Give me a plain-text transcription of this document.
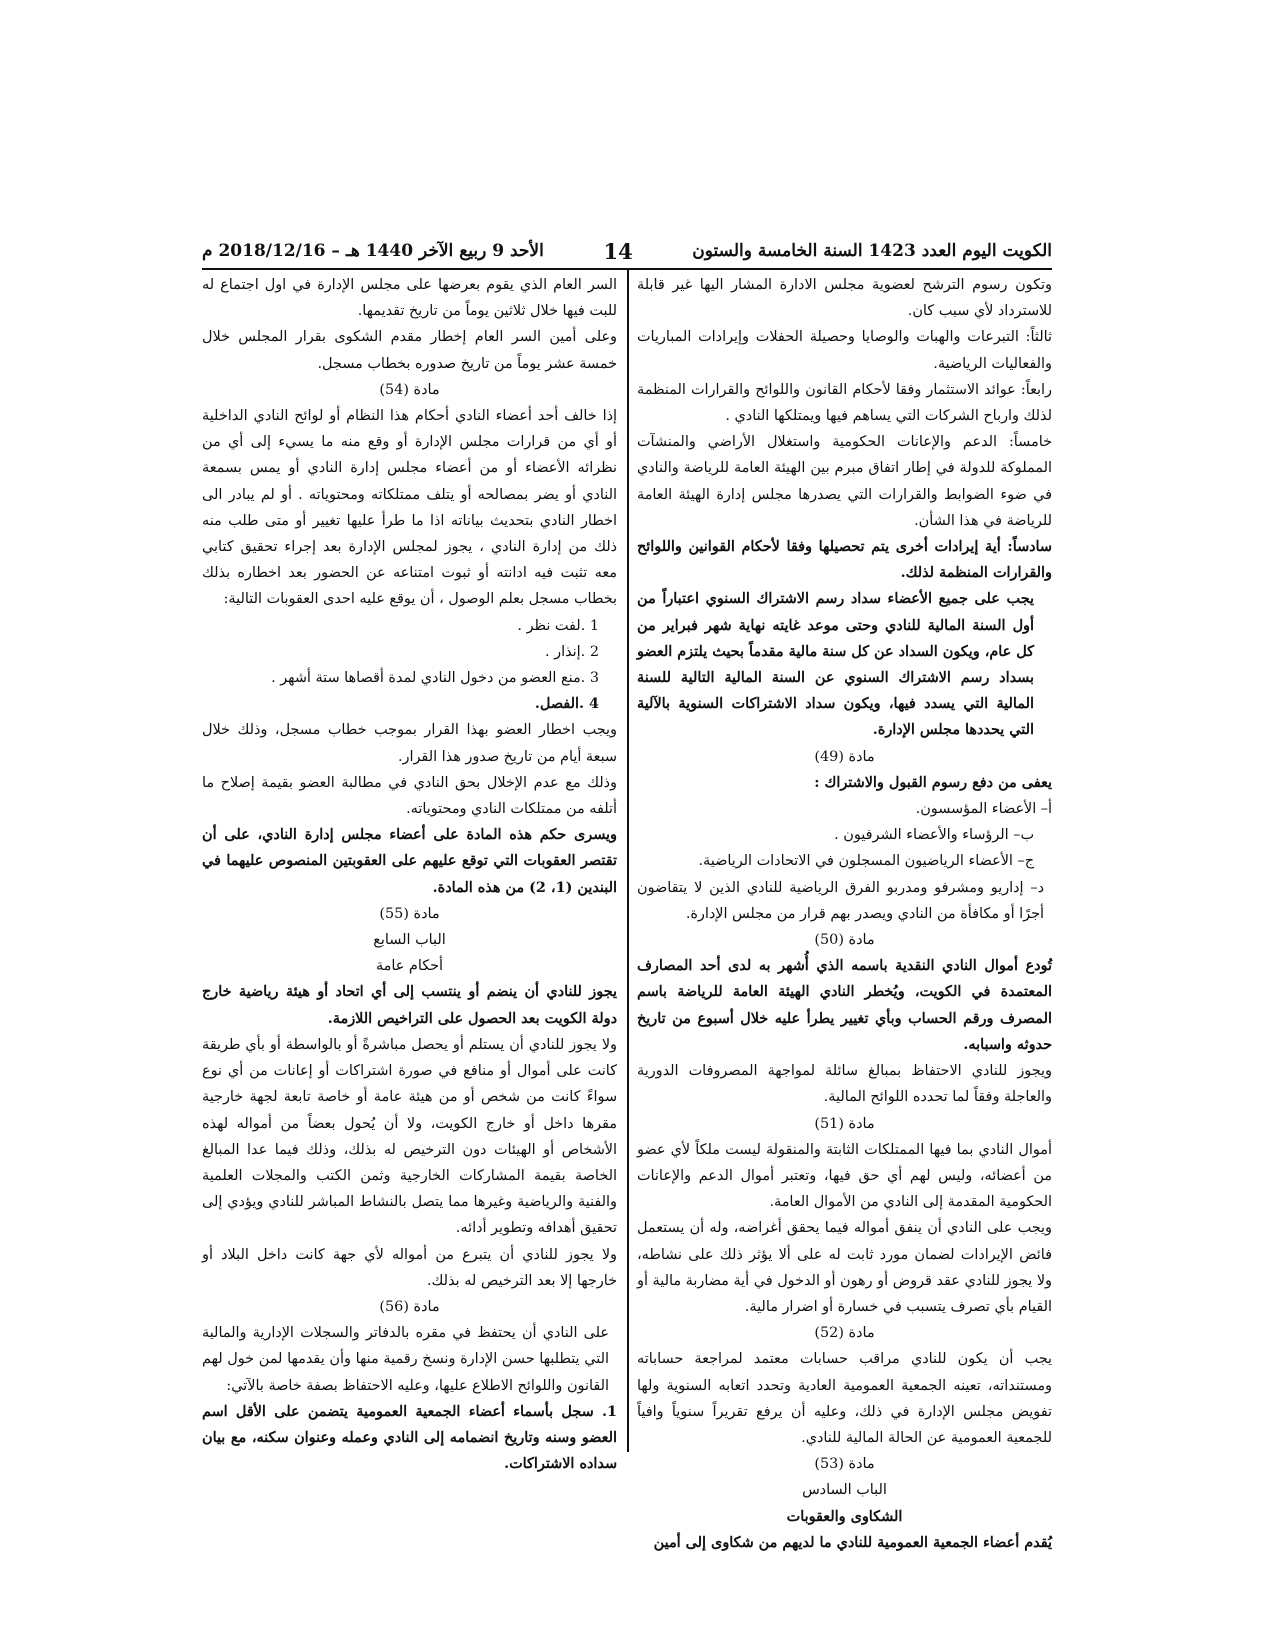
الكويت اليوم العدد 1423 السنة الخامسة والستون
14
الأحد 9 ربيع الآخر 1440 هـ – 2018/12/16 م

وتكون رسوم الترشح لعضوية مجلس الادارة المشار اليها غير قابلة للاسترداد لأي سبب كان.

ثالثاً: التبرعات والهبات والوصايا وحصيلة الحفلات وإيرادات المباريات والفعاليات الرياضية.

رابعاً: عوائد الاستثمار وفقا لأحكام القانون واللوائح والقرارات المنظمة لذلك وارباح الشركات التي يساهم فيها ويمتلكها النادي .

خامساً: الدعم والإعانات الحكومية واستغلال الأراضي والمنشآت المملوكة للدولة في إطار اتفاق مبرم بين الهيئة العامة للرياضة والنادي في ضوء الضوابط والقرارات التي يصدرها مجلس إدارة الهيئة العامة للرياضة في هذا الشأن.

سادساً: أية إيرادات أخرى يتم تحصيلها وفقا لأحكام القوانين واللوائح والقرارات المنظمة لذلك.

يجب على جميع الأعضاء سداد رسم الاشتراك السنوي اعتباراً من أول السنة المالية للنادي وحتى موعد غايته نهاية شهر فبراير من كل عام، ويكون السداد عن كل سنة مالية مقدماً بحيث يلتزم العضو بسداد رسم الاشتراك السنوي عن السنة المالية التالية للسنة المالية التي يسدد فيها، ويكون سداد الاشتراكات السنوية بالآلية التي يحددها مجلس الإدارة.

مادة (49)

يعفى من دفع رسوم القبول والاشتراك :

أ– الأعضاء المؤسسون.

ب– الرؤساء والأعضاء الشرفيون .

ج– الأعضاء الرياضيون المسجلون في الاتحادات الرياضية.

د– إداريو ومشرفو ومدربو الفرق الرياضية للنادي الذين لا يتقاضون أجرًا أو مكافأة من النادي ويصدر بهم قرار من مجلس الإدارة.

مادة (50)

تُودع أموال النادي النقدية باسمه الذي أُشهر به لدى أحد المصارف المعتمدة في الكويت، ويُخطر النادي الهيئة العامة للرياضة باسم المصرف ورقم الحساب وبأي تغيير يطرأ عليه خلال أسبوع من تاريخ حدوثه واسبابه.

ويجوز للنادي الاحتفاظ بمبالغ سائلة لمواجهة المصروفات الدورية والعاجلة وفقاً لما تحدده اللوائح المالية.

مادة (51)

أموال النادي بما فيها الممتلكات الثابتة والمنقولة ليست ملكاً لأي عضو من أعضائه، وليس لهم أي حق فيها، وتعتبر أموال الدعم والإعانات الحكومية المقدمة إلى النادي من الأموال العامة.

ويجب على النادي أن ينفق أمواله فيما يحقق أغراضه، وله أن يستعمل فائض الإيرادات لضمان مورد ثابت له على ألا يؤثر ذلك على نشاطه، ولا يجوز للنادي عقد قروض أو رهون أو الدخول في أية مضاربة مالية أو القيام بأي تصرف يتسبب في خسارة أو اضرار مالية.

مادة (52)

يجب أن يكون للنادي مراقب حسابات معتمد لمراجعة حساباته ومستنداته، تعينه الجمعية العمومية العادية وتحدد اتعابه السنوية ولها تفويض مجلس الإدارة في ذلك، وعليه أن يرفع تقريراً سنوياً وافياً للجمعية العمومية عن الحالة المالية للنادي.

مادة (53)

الباب السادس

الشكاوى والعقوبات

يُقدم أعضاء الجمعية العمومية للنادي ما لديهم من شكاوى إلى أمين

السر العام الذي يقوم بعرضها على مجلس الإدارة في اول اجتماع له للبت فيها خلال ثلاثين يوماً من تاريخ تقديمها.

وعلى أمين السر العام إخطار مقدم الشكوى بقرار المجلس خلال خمسة عشر يوماً من تاريخ صدوره بخطاب مسجل.

مادة (54)

إذا خالف أحد أعضاء النادي أحكام هذا النظام أو لوائح النادي الداخلية أو أي من قرارات مجلس الإدارة أو وقع منه ما يسيء إلى أي من نظرائه الأعضاء أو من أعضاء مجلس إدارة النادي أو يمس بسمعة النادي أو يضر بمصالحه أو يتلف ممتلكاته ومحتوياته . أو لم يبادر الى اخطار النادي بتحديث بياناته اذا ما طرأ عليها تغيير أو متى طلب منه ذلك من إدارة النادي ، يجوز لمجلس الإدارة بعد إجراء تحقيق كتابي معه تثبت فيه ادانته أو ثبوت امتناعه عن الحضور بعد اخطاره بذلك بخطاب مسجل بعلم الوصول ، أن يوقع عليه احدى العقوبات التالية:

1 .لفت نظر .

2 .إنذار .

3 .منع العضو من دخول النادي لمدة أقصاها ستة أشهر .

4 .الفصل.

ويجب اخطار العضو بهذا القرار بموجب خطاب مسجل، وذلك خلال سبعة أيام من تاريخ صدور هذا القرار.

وذلك مع عدم الإخلال بحق النادي في مطالبة العضو بقيمة إصلاح ما أتلفه من ممتلكات النادي ومحتوياته.

ويسرى حكم هذه المادة على أعضاء مجلس إدارة النادي، على أن تقتصر العقوبات التي توقع عليهم على العقوبتين المنصوص عليهما في البندين (1، 2) من هذه المادة.

مادة (55)

الباب السابع

أحكام عامة

يجوز للنادي أن ينضم أو ينتسب إلى أي اتحاد أو هيئة رياضية خارج دولة الكويت بعد الحصول على التراخيص اللازمة.

ولا يجوز للنادي أن يستلم أو يحصل مباشرةً أو بالواسطة أو بأي طريقة كانت على أموال أو منافع في صورة اشتراكات أو إعانات من أي نوع سواءً كانت من شخص أو من هيئة عامة أو خاصة تابعة لجهة خارجية مقرها داخل أو خارج الكويت، ولا أن يُحول بعضاً من أمواله لهذه الأشخاص أو الهيئات دون الترخيص له بذلك، وذلك فيما عدا المبالغ الخاصة بقيمة المشاركات الخارجية وثمن الكتب والمجلات العلمية والفنية والرياضية وغيرها مما يتصل بالنشاط المباشر للنادي ويؤدي إلى تحقيق أهدافه وتطوير أدائه.

ولا يجوز للنادي أن يتبرع من أمواله لأي جهة كانت داخل البلاد أو خارجها إلا بعد الترخيص له بذلك.

مادة (56)

على النادي أن يحتفظ في مقره بالدفاتر والسجلات الإدارية والمالية التي يتطلبها حسن الإدارة ونسخ رقمية منها وأن يقدمها لمن خول لهم القانون واللوائح الاطلاع عليها، وعليه الاحتفاظ بصفة خاصة بالآتي:

1. سجل بأسماء أعضاء الجمعية العمومية يتضمن على الأقل اسم العضو وسنه وتاريخ انضمامه إلى النادي وعمله وعنوان سكنه، مع بيان سداده الاشتراكات.
